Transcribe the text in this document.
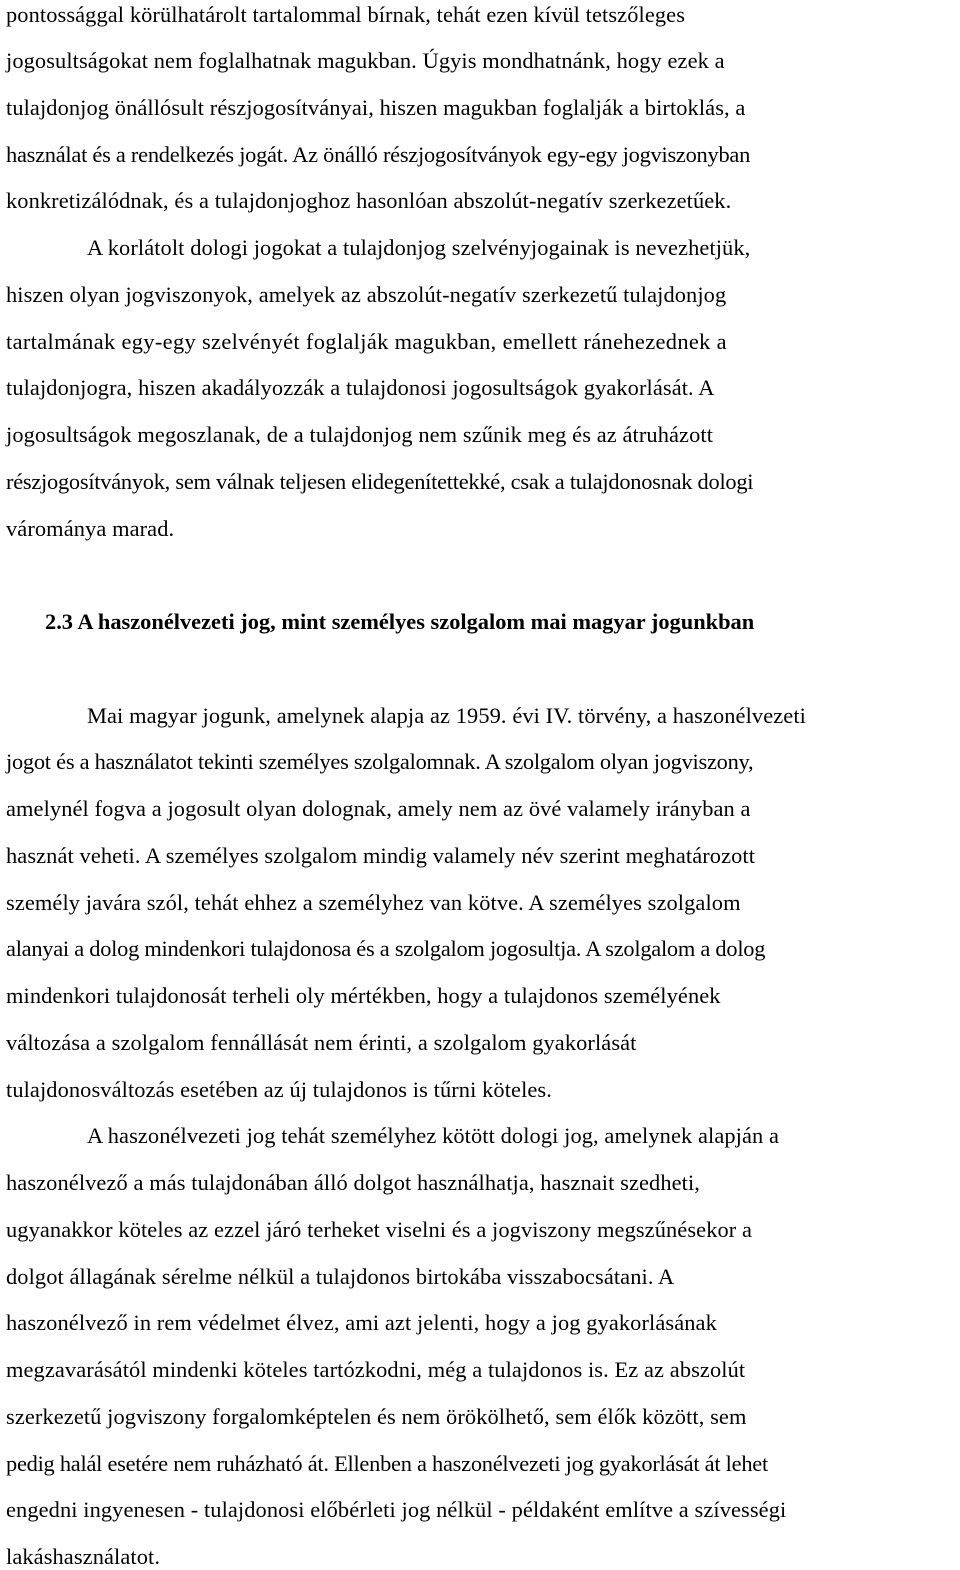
pontossággal körülhatárolt tartalommal bírnak, tehát ezen kívül tetszőleges
jogosultságokat nem foglalhatnak magukban. Úgyis mondhatnánk, hogy ezek a
tulajdonjog önállósult részjogosítványai, hiszen magukban foglalják a birtoklás, a
használat és a rendelkezés jogát. Az önálló részjogosítványok egy-egy jogviszonyban
konkretizálódnak, és a tulajdonjoghoz hasonlóan abszolút-negatív szerkezetűek.
A korlátolt dologi jogokat a tulajdonjog szelvényjogainak is nevezhetjük,
hiszen olyan jogviszonyok, amelyek az abszolút-negatív szerkezetű tulajdonjog
tartalmának egy-egy szelvényét foglalják magukban, emellett ránehezednek a
tulajdonjogra, hiszen akadályozzák a tulajdonosi jogosultságok gyakorlását. A
jogosultságok megoszlanak, de a tulajdonjog nem szűnik meg és az átruházott
részjogosítványok, sem válnak teljesen elidegenítettekké, csak a tulajdonosnak dologi
várománya marad.
2.3 A haszonélvezeti jog, mint személyes szolgalom mai magyar jogunkban
Mai magyar jogunk, amelynek alapja az 1959. évi IV. törvény, a haszonélvezeti
jogot és a használatot tekinti személyes szolgalomnak. A szolgalom olyan jogviszony,
amelynél fogva a jogosult olyan dolognak, amely nem az övé valamely irányban a
hasznát veheti. A személyes szolgalom mindig valamely név szerint meghatározott
személy javára szól, tehát ehhez a személyhez van kötve. A személyes szolgalom
alanyai a dolog mindenkori tulajdonosa és a szolgalom jogosultja. A szolgalom a dolog
mindenkori tulajdonosát terheli oly mértékben, hogy a tulajdonos személyének
változása a szolgalom fennállását nem érinti, a szolgalom gyakorlását
tulajdonosváltozás esetében az új tulajdonos is tűrni köteles.
A haszonélvezeti jog tehát személyhez kötött dologi jog, amelynek alapján a
haszonélvező a más tulajdonában álló dolgot használhatja, hasznait szedheti,
ugyanakkor köteles az ezzel járó terheket viselni és a jogviszony megszűnésekor a
dolgot állagának sérelme nélkül a tulajdonos birtokába visszabocsátani. A
haszonélvező in rem védelmet élvez, ami azt jelenti, hogy a jog gyakorlásának
megzavarásától mindenki köteles tartózkodni, még a tulajdonos is. Ez az abszolút
szerkezetű jogviszony forgalomképtelen és nem örökölhető, sem élők között, sem
pedig halál esetére nem ruházható át. Ellenben a haszonélvezeti jog gyakorlását át lehet
engedni ingyenesen - tulajdonosi előbérleti jog nélkül - példaként említve a szívességi
lakáshasználatot.
